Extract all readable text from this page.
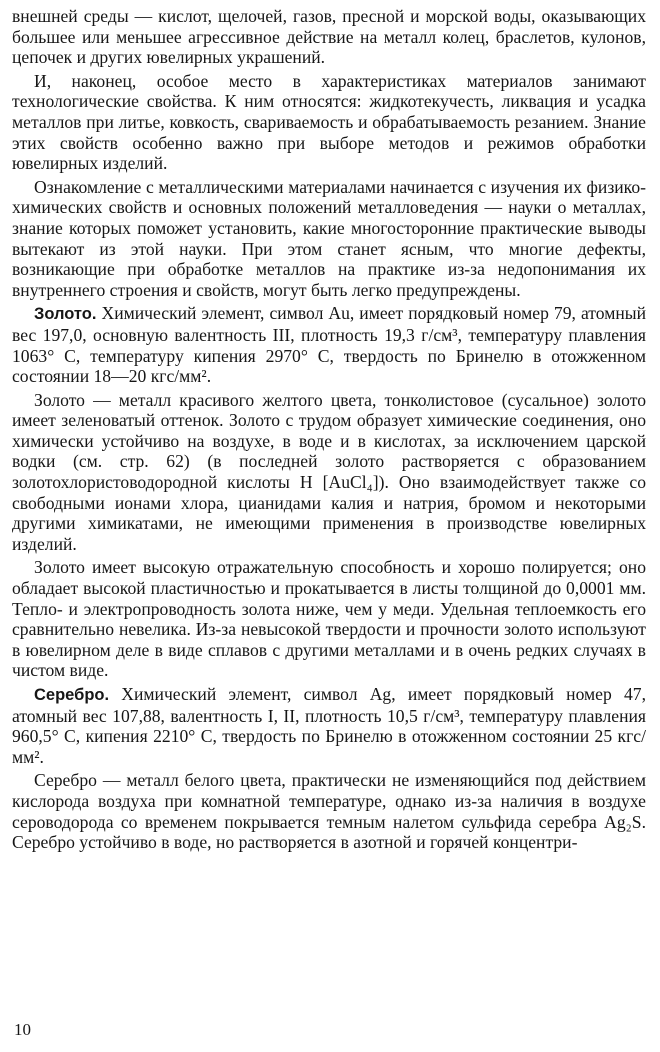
внешней среды — кислот, щелочей, газов, пресной и морской воды, оказывающих большее или меньшее агрессивное действие на металл колец, браслетов, кулонов, цепочек и других ювелирных украшений.

И, наконец, особое место в характеристиках материалов занимают технологические свойства. К ним относятся: жидкотекучесть, ликвация и усадка металлов при литье, ковкость, свариваемость и обрабатываемость резанием. Знание этих свойств особенно важно при выборе методов и режимов обработки ювелирных изделий.

Ознакомление с металлическими материалами начинается с изучения их физико-химических свойств и основных положений металловедения — науки о металлах, знание которых поможет установить, какие многосторонние практические выводы вытекают из этой науки. При этом станет ясным, что многие дефекты, возникающие при обработке металлов на практике из-за недопонимания их внутреннего строения и свойств, могут быть легко предупреждены.

Золото. Химический элемент, символ Au, имеет порядковый номер 79, атомный вес 197,0, основную валентность III, плотность 19,3 г/см³, температуру плавления 1063° С, температуру кипения 2970° С, твердость по Бринелю в отожженном состоянии 18—20 кгс/мм².

Золото — металл красивого желтого цвета, тонколистовое (сусальное) золото имеет зеленоватый оттенок. Золото с трудом образует химические соединения, оно химически устойчиво на воздухе, в воде и в кислотах, за исключением царской водки (см. стр. 62) (в последней золото растворяется с образованием золотохлористоводородной кислоты H [AuCl₄]). Оно взаимодействует также со свободными ионами хлора, цианидами калия и натрия, бромом и некоторыми другими химикатами, не имеющими применения в производстве ювелирных изделий.

Золото имеет высокую отражательную способность и хорошо полируется; оно обладает высокой пластичностью и прокатывается в листы толщиной до 0,0001 мм. Тепло- и электропроводность золота ниже, чем у меди. Удельная теплоемкость его сравнительно невелика. Из-за невысокой твердости и прочности золото используют в ювелирном деле в виде сплавов с другими металлами и в очень редких случаях в чистом виде.

Серебро. Химический элемент, символ Ag, имеет порядковый номер 47, атомный вес 107,88, валентность I, II, плотность 10,5 г/см³, температуру плавления 960,5° С, кипения 2210° С, твердость по Бринелю в отожженном состоянии 25 кгс/мм².

Серебро — металл белого цвета, практически не изменяющийся под действием кислорода воздуха при комнатной температуре, однако из-за наличия в воздухе сероводорода со временем покрывается темным налетом сульфида серебра Ag₂S. Серебро устойчиво в воде, но растворяется в азотной и горячей концентри-

10
